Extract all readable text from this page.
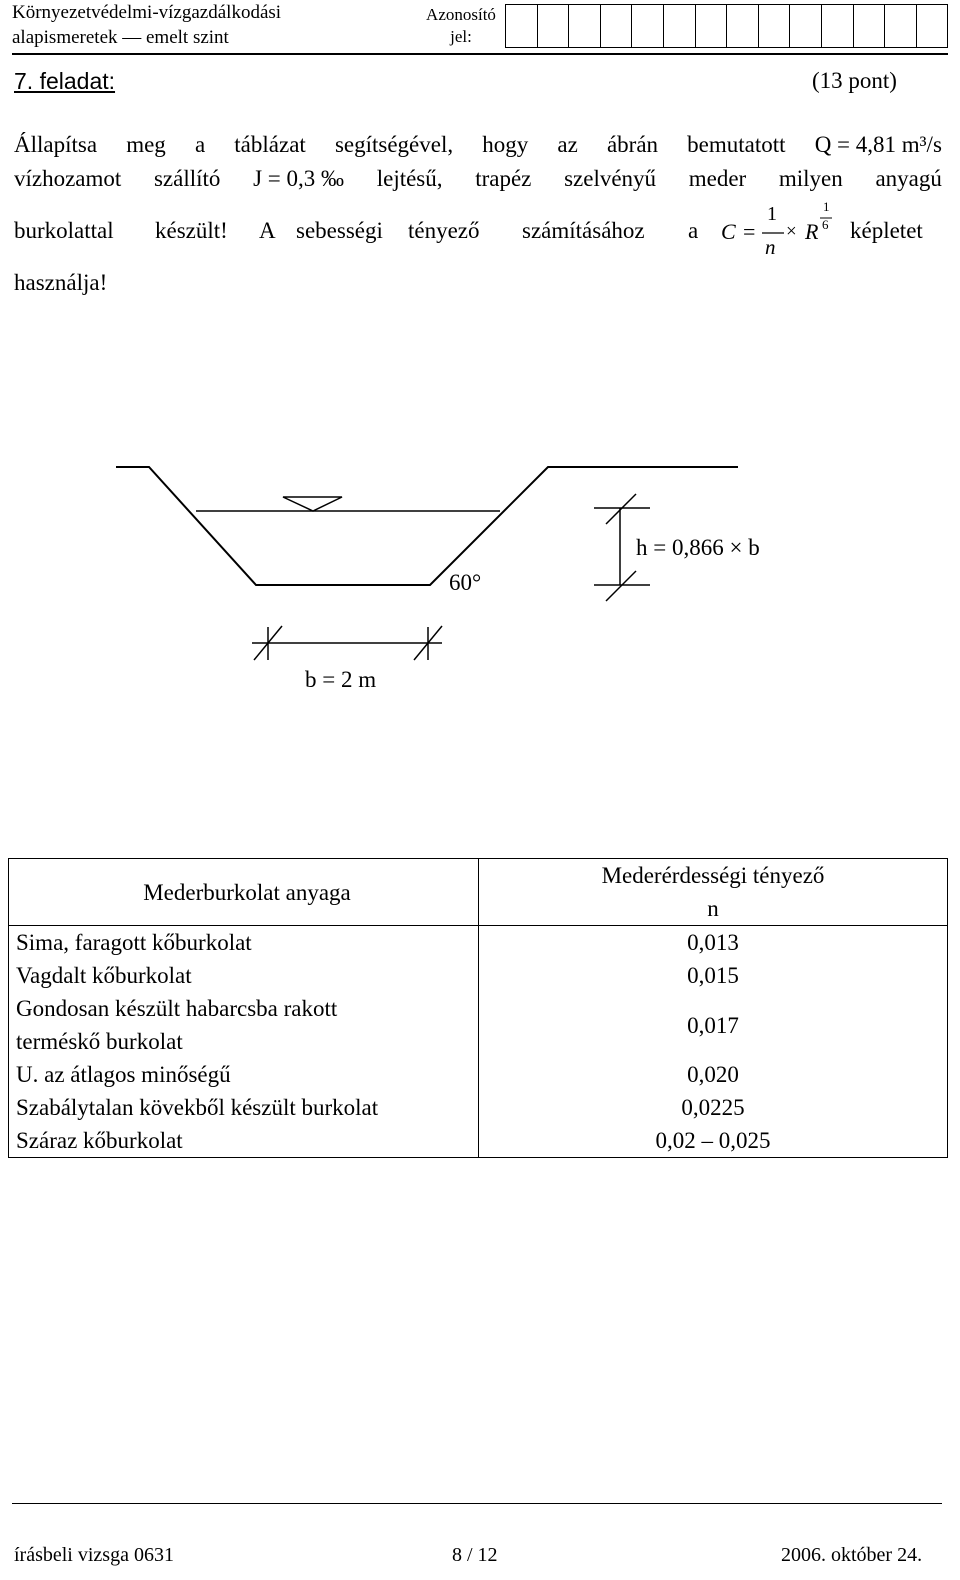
Környezetvédelmi-vízgazdálkodási
alapismeretek — emelt szint
Azonosító
jel:
7. feladat:	(13 pont)
Állapítsa meg a táblázat segítségével, hogy az ábrán bemutatott Q = 4,81 m³/s
vízhozamot szállító J = 0,3 ‰ lejtésű, trapéz szelvényű meder milyen anyagú
burkolattal készült! A sebességi tényező számításához a	képletet
használja!
C =
1
n
× R
1
6
60°
h = 0,866 × b
b = 2 m
Mederburkolat anyaga	Mederérdességi tényező
n

Sima, faragott kőburkolat	0,013
Vagdalt kőburkolat	0,015

Gondosan készült habarcsba rakott
terméskő burkolat	0,017
U. az átlagos minőségű	0,020
Szabálytalan kövekből készült burkolat	0,0225
Száraz kőburkolat	0,02 – 0,025
írásbeli vizsga 0631	8 / 12	2006. október 24.
